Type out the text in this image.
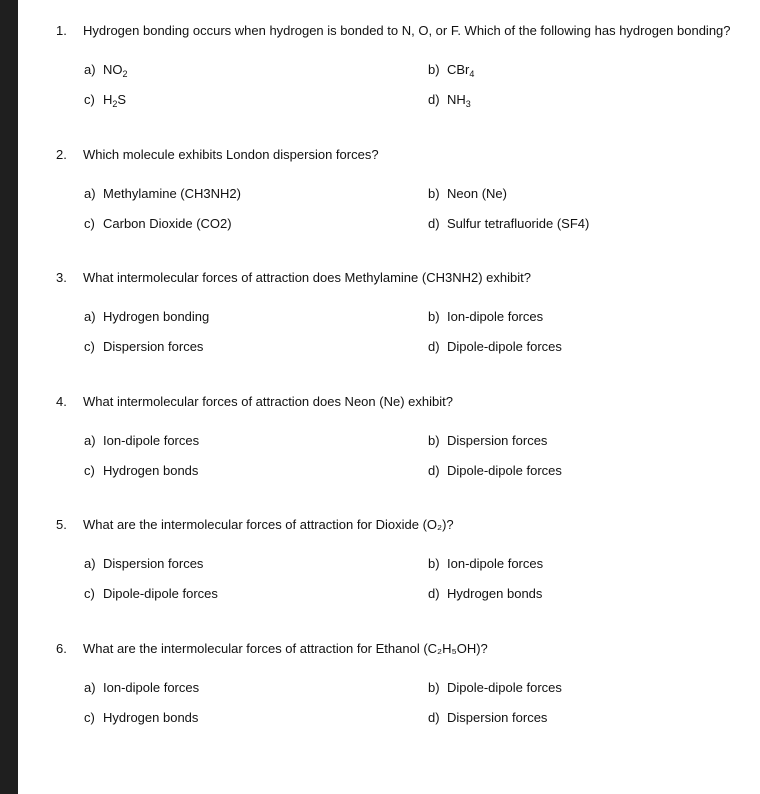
1. Hydrogen bonding occurs when hydrogen is bonded to N, O, or F. Which of the following has hydrogen bonding?
a) $NO_2$	b) CBr$_4$
c) $H_2S$	d) $NH_3$
2. Which molecule exhibits London dispersion forces?
a) Methylamine (CH3NH2)	b) Neon (Ne)
c) Carbon Dioxide (CO2)	d) Sulfur tetrafluoride (SF4)
3. What intermolecular forces of attraction does Methylamine (CH3NH2) exhibit?
a) Hydrogen bonding	b) Ion-dipole forces
c) Dispersion forces	d) Dipole-dipole forces
4. What intermolecular forces of attraction does Neon (Ne) exhibit?
a) Ion-dipole forces	b) Dispersion forces
c) Hydrogen bonds	d) Dipole-dipole forces
5. What are the intermolecular forces of attraction for Dioxide (O₂)?
a) Dispersion forces	b) Ion-dipole forces
c) Dipole-dipole forces	d) Hydrogen bonds
6. What are the intermolecular forces of attraction for Ethanol (C₂H₅OH)?
a) Ion-dipole forces	b) Dipole-dipole forces
c) Hydrogen bonds	d) Dispersion forces
